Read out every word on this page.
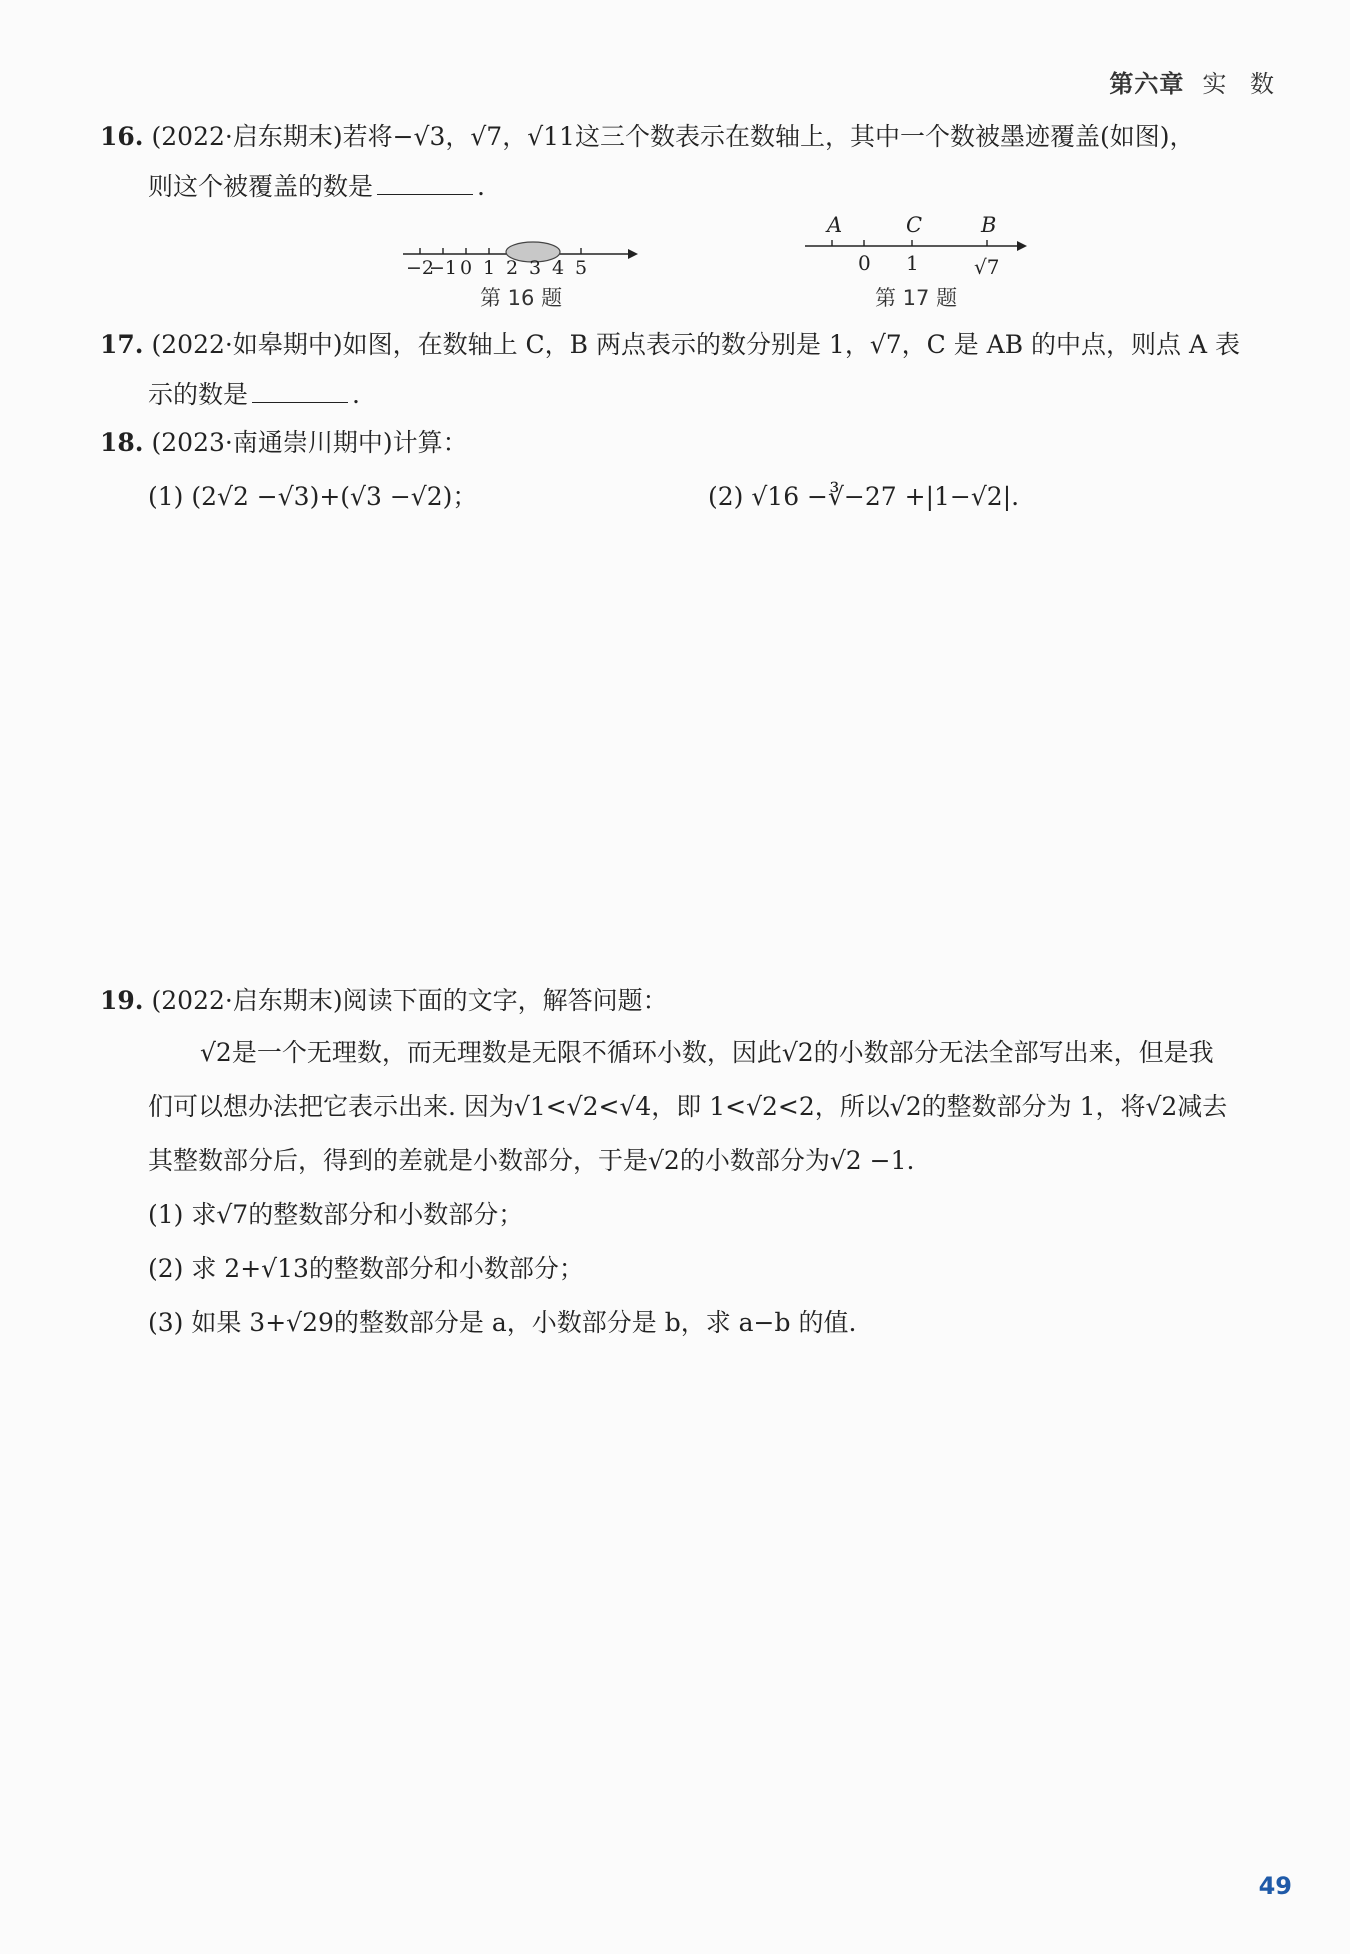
第六章 实 数
16. (2022·启东期末)若将−√3，√7，√11这三个数表示在数轴上，其中一个数被墨迹覆盖(如图)，
则这个被覆盖的数是	.
−2
−1 0 1 2 3 4 5
第 16 题
A	C	B
0 1	√7
第 17 题
17. (2022·如皋期中)如图，在数轴上 C，B 两点表示的数分别是 1，√7，C 是 AB 的中点，则点 A 表
示的数是	.
18. (2023·南通崇川期中)计算：
(1) (2√2 −√3)+(√3 −√2)；	(2) √16 −∛−27 +|1−√2|.
19. (2022·启东期末)阅读下面的文字，解答问题：
√2是一个无理数，而无理数是无限不循环小数，因此√2的小数部分无法全部写出来，但是我
们可以想办法把它表示出来. 因为√1<√2<√4，即 1<√2<2，所以√2的整数部分为 1，将√2减去
其整数部分后，得到的差就是小数部分，于是√2的小数部分为√2 −1.
(1) 求√7的整数部分和小数部分；
(2) 求 2+√13的整数部分和小数部分；
(3) 如果 3+√29的整数部分是 a，小数部分是 b，求 a−b 的值.
49
